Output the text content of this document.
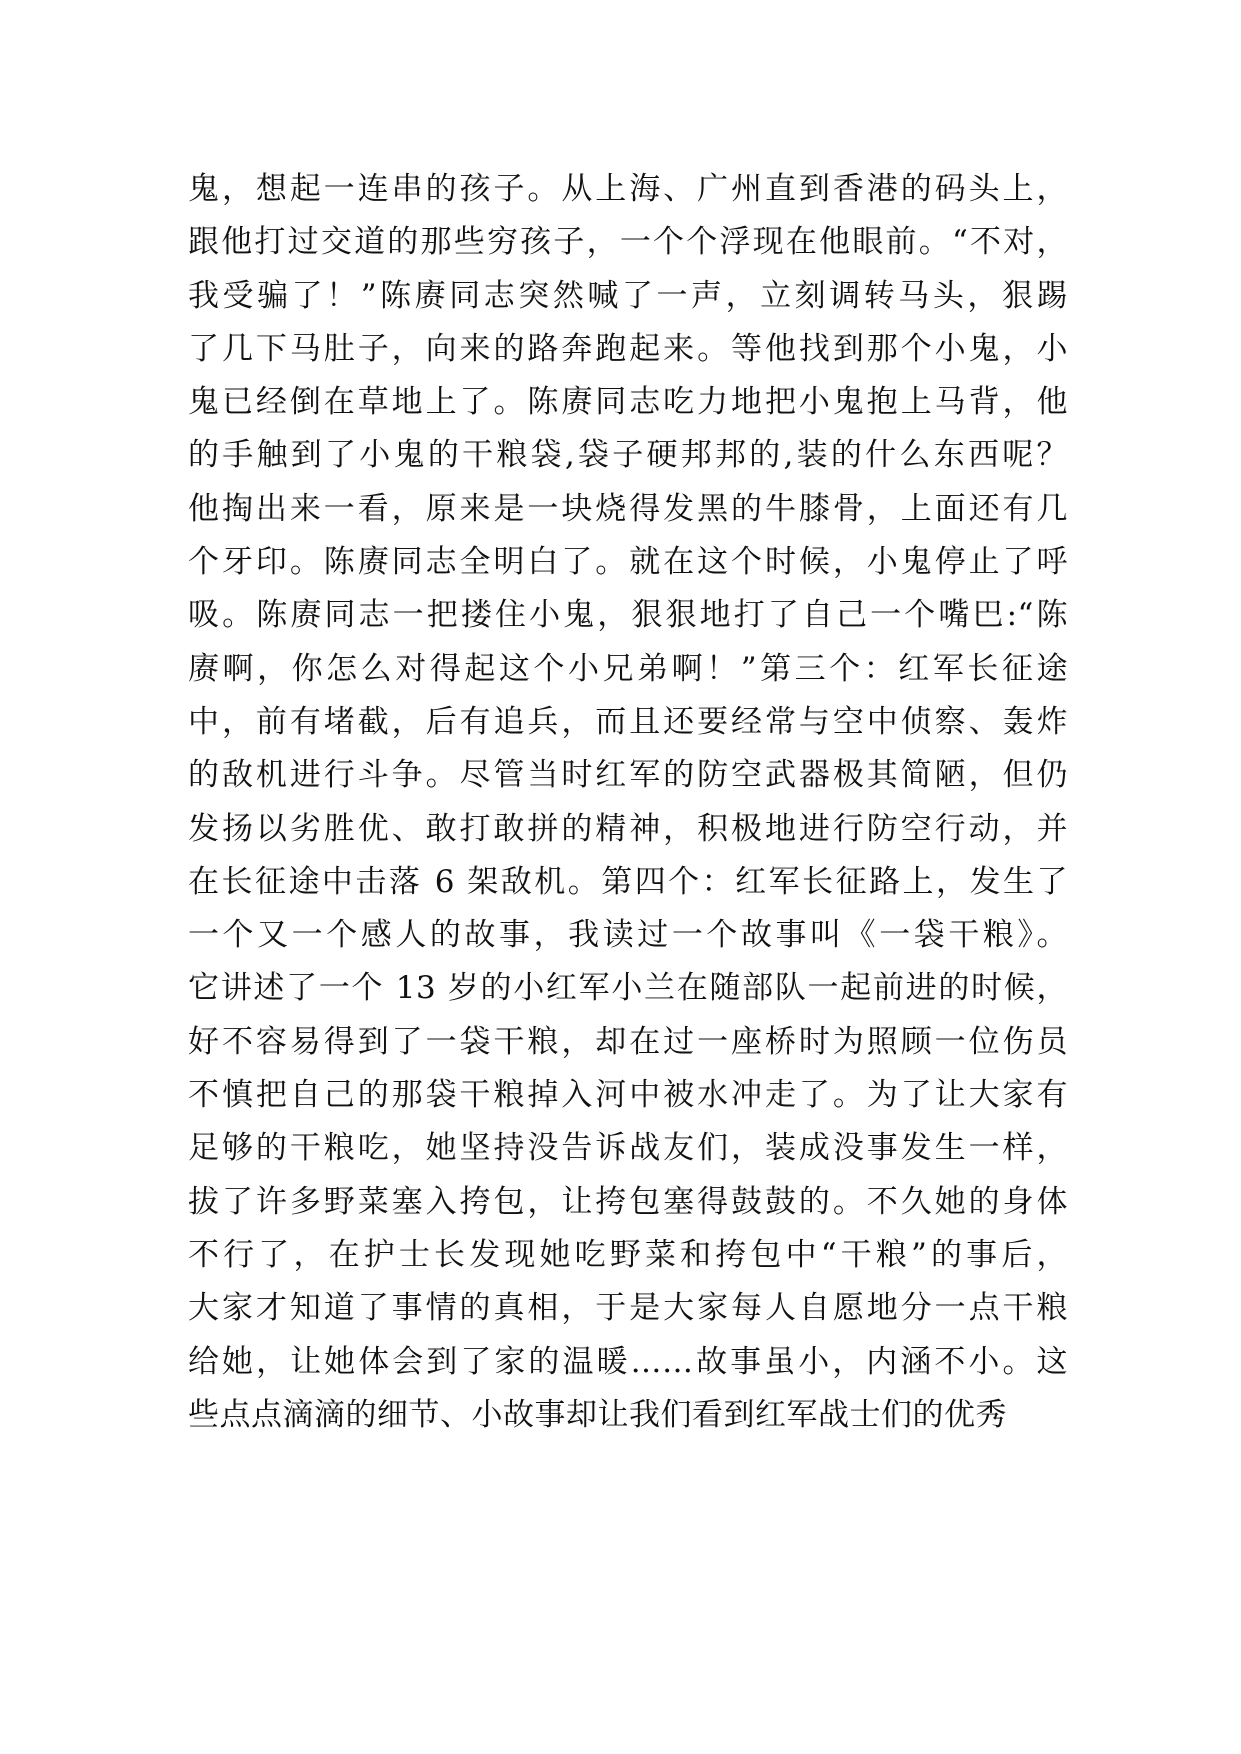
鬼，想起一连串的孩子。从上海、广州直到香港的码头上，
跟他打过交道的那些穷孩子，一个个浮现在他眼前。“不对，
我受骗了！”陈赓同志突然喊了一声，立刻调转马头，狠踢
了几下马肚子，向来的路奔跑起来。等他找到那个小鬼，小
鬼已经倒在草地上了。陈赓同志吃力地把小鬼抱上马背，他
的手触到了小鬼的干粮袋,袋子硬邦邦的,装的什么东西呢？
他掏出来一看，原来是一块烧得发黑的牛膝骨，上面还有几
个牙印。陈赓同志全明白了。就在这个时候，小鬼停止了呼
吸。陈赓同志一把搂住小鬼，狠狠地打了自己一个嘴巴:“陈
赓啊，你怎么对得起这个小兄弟啊！”第三个：红军长征途
中，前有堵截，后有追兵，而且还要经常与空中侦察、轰炸
的敌机进行斗争。尽管当时红军的防空武器极其简陋，但仍
发扬以劣胜优、敢打敢拼的精神，积极地进行防空行动，并
在长征途中击落 6 架敌机。第四个：红军长征路上，发生了
一个又一个感人的故事，我读过一个故事叫《一袋干粮》。
它讲述了一个 13 岁的小红军小兰在随部队一起前进的时候，
好不容易得到了一袋干粮，却在过一座桥时为照顾一位伤员
不慎把自己的那袋干粮掉入河中被水冲走了。为了让大家有
足够的干粮吃，她坚持没告诉战友们，装成没事发生一样，
拔了许多野菜塞入挎包，让挎包塞得鼓鼓的。不久她的身体
不行了，在护士长发现她吃野菜和挎包中“干粮”的事后，
大家才知道了事情的真相，于是大家每人自愿地分一点干粮
给她，让她体会到了家的温暖……故事虽小，内涵不小。这
些点点滴滴的细节、小故事却让我们看到红军战士们的优秀
